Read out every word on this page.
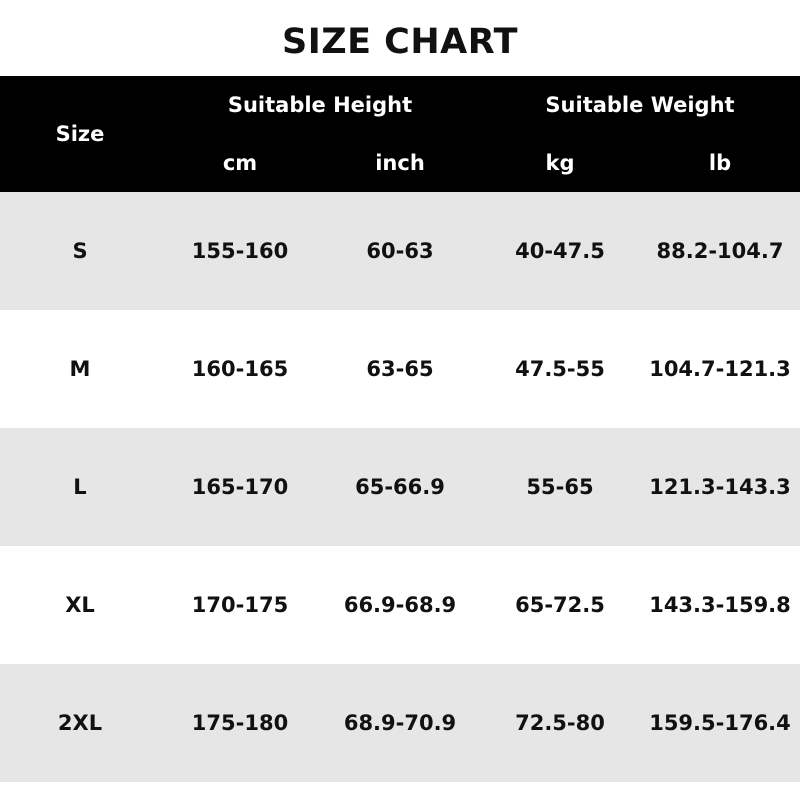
SIZE CHART
Size	Suitable Height		Suitable Weight	
	cm	inch	kg	lb
S	155-160	60-63	40-47.5	88.2-104.7
M	160-165	63-65	47.5-55	104.7-121.3
L	165-170	65-66.9	55-65	121.3-143.3
XL	170-175	66.9-68.9	65-72.5	143.3-159.8
2XL	175-180	68.9-70.9	72.5-80	159.5-176.4
